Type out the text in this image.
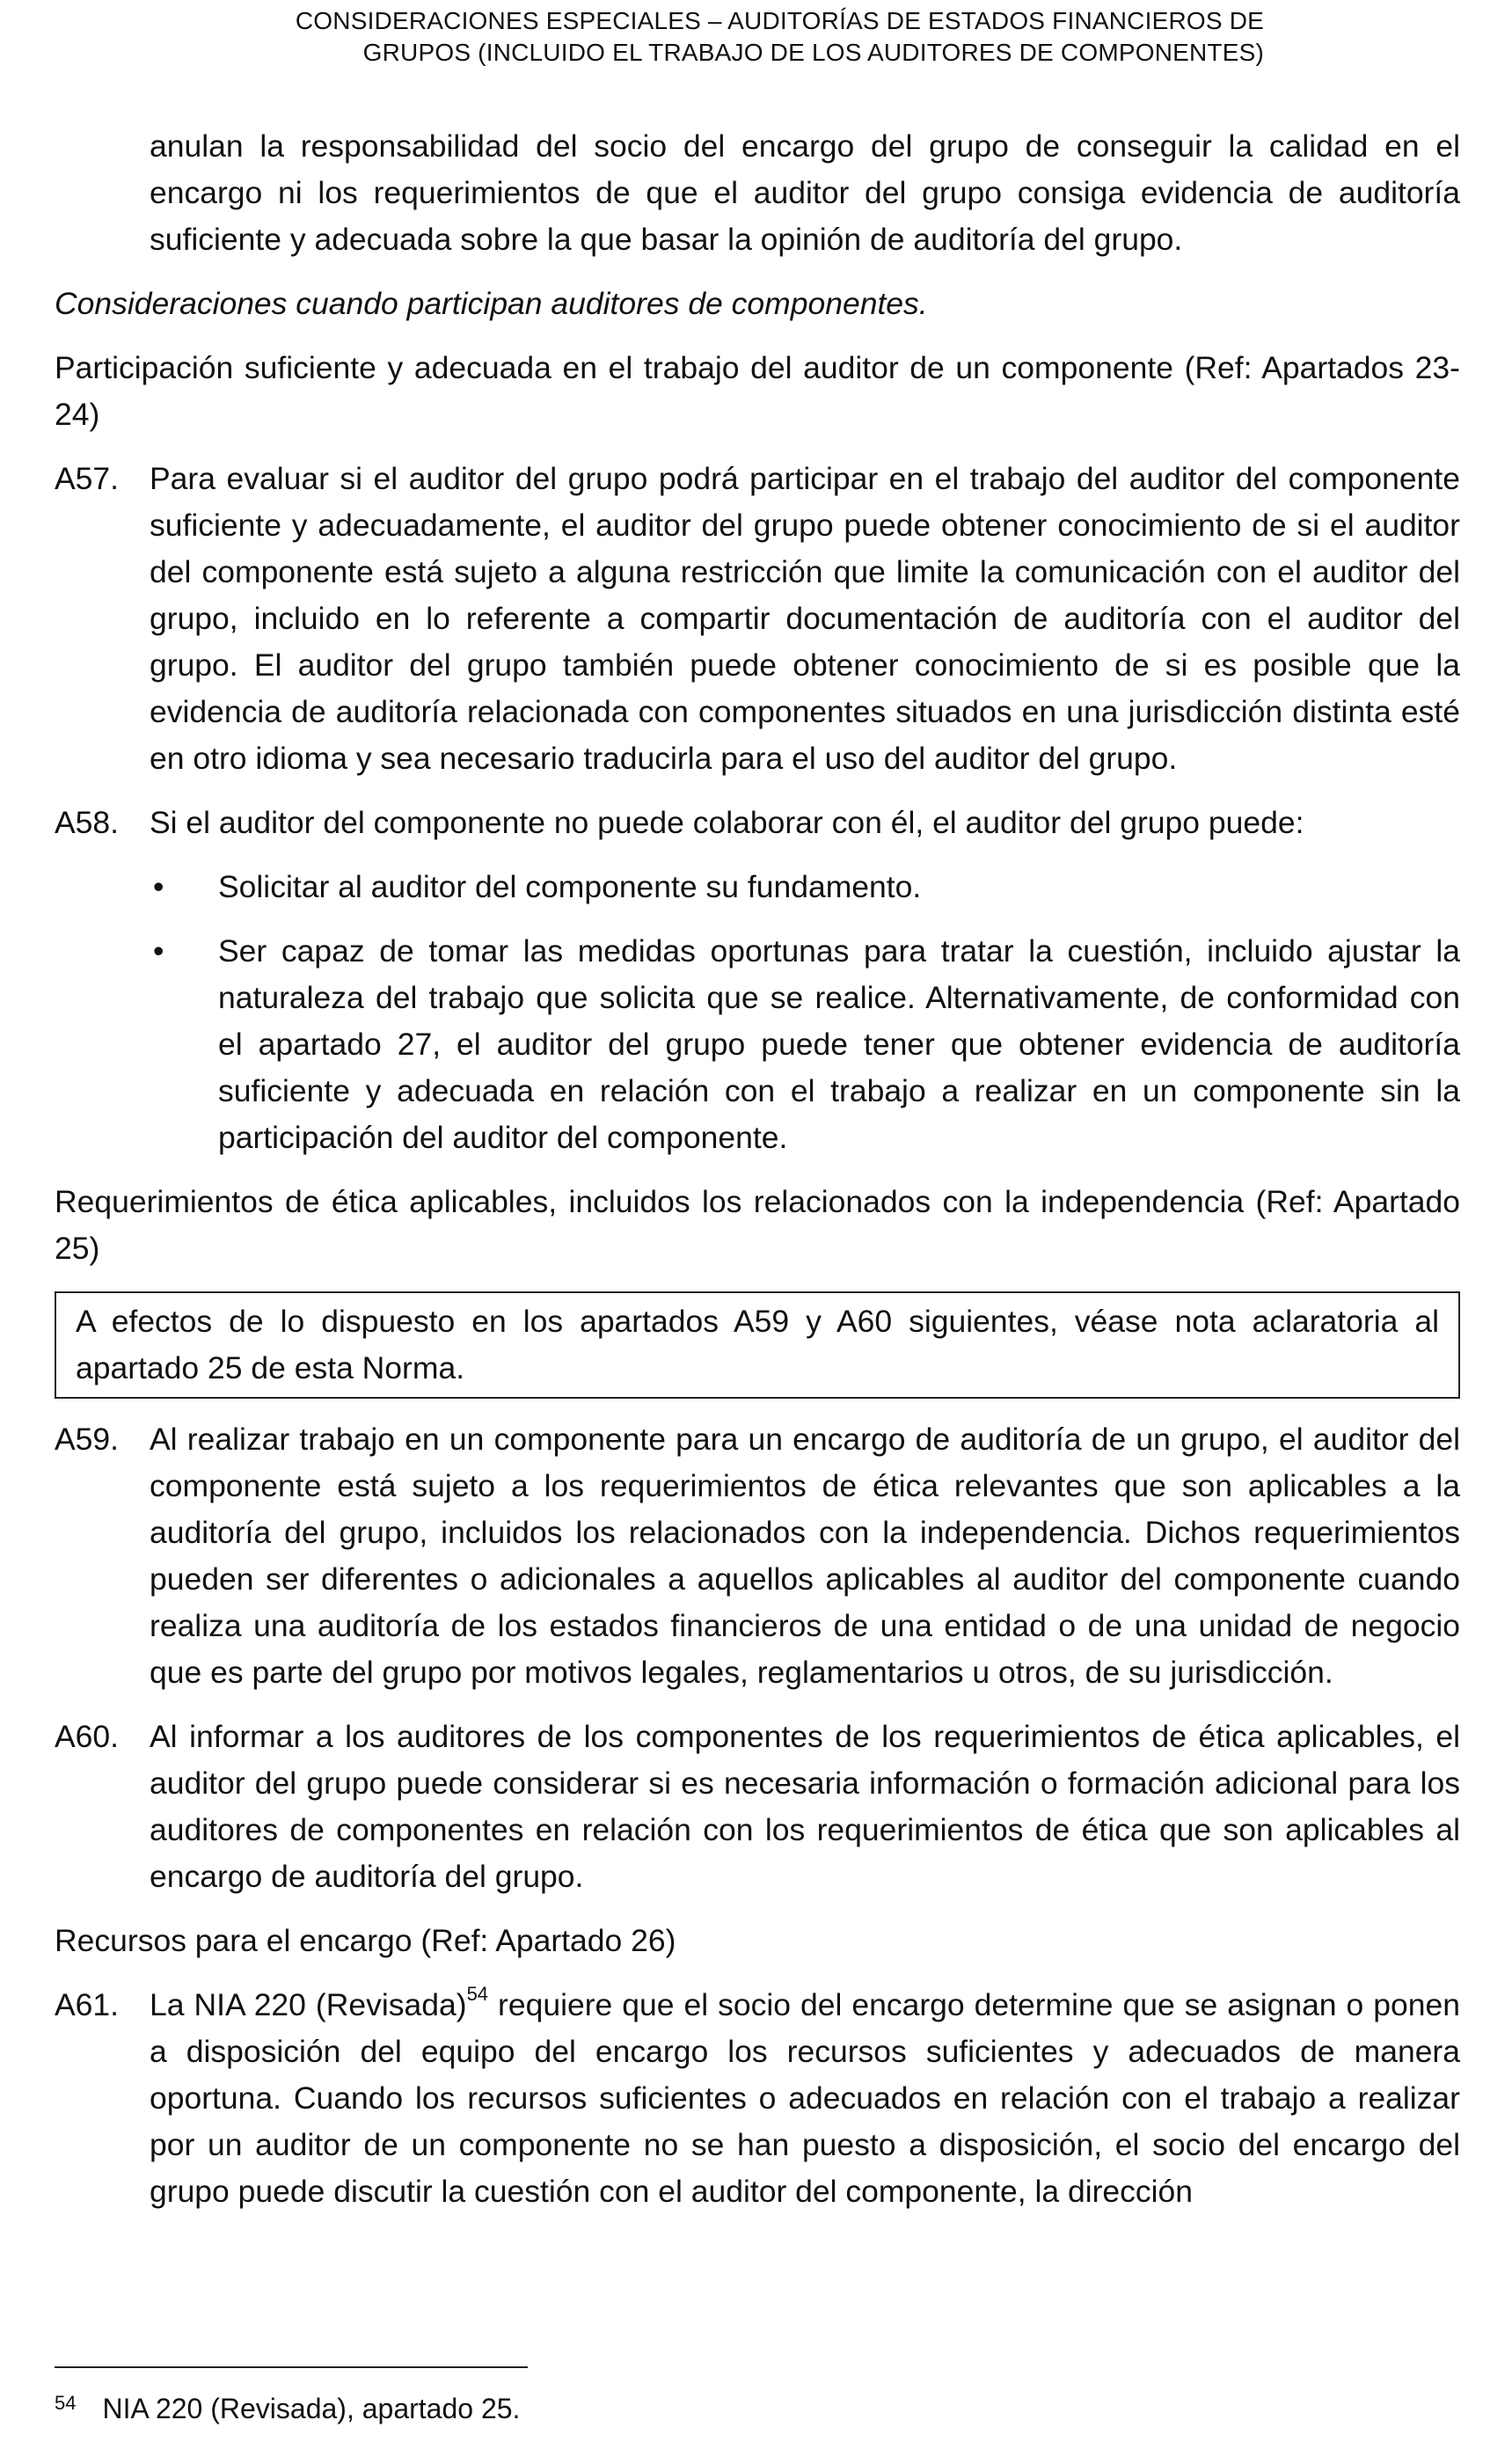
CONSIDERACIONES ESPECIALES – AUDITORÍAS DE ESTADOS FINANCIEROS DE
GRUPOS (INCLUIDO EL TRABAJO DE LOS AUDITORES DE COMPONENTES)
anulan la responsabilidad del socio del encargo del grupo de conseguir la calidad en el encargo ni los requerimientos de que el auditor del grupo consiga evidencia de auditoría suficiente y adecuada sobre la que basar la opinión de auditoría del grupo.
Consideraciones cuando participan auditores de componentes.
Participación suficiente y adecuada en el trabajo del auditor de un componente (Ref: Apartados 23-24)
A57. Para evaluar si el auditor del grupo podrá participar en el trabajo del auditor del componente suficiente y adecuadamente, el auditor del grupo puede obtener conocimiento de si el auditor del componente está sujeto a alguna restricción que limite la comunicación con el auditor del grupo, incluido en lo referente a compartir documentación de auditoría con el auditor del grupo. El auditor del grupo también puede obtener conocimiento de si es posible que la evidencia de auditoría relacionada con componentes situados en una jurisdicción distinta esté en otro idioma y sea necesario traducirla para el uso del auditor del grupo.
A58. Si el auditor del componente no puede colaborar con él, el auditor del grupo puede:
• Solicitar al auditor del componente su fundamento.
• Ser capaz de tomar las medidas oportunas para tratar la cuestión, incluido ajustar la naturaleza del trabajo que solicita que se realice. Alternativamente, de conformidad con el apartado 27, el auditor del grupo puede tener que obtener evidencia de auditoría suficiente y adecuada en relación con el trabajo a realizar en un componente sin la participación del auditor del componente.
Requerimientos de ética aplicables, incluidos los relacionados con la independencia (Ref: Apartado 25)
A efectos de lo dispuesto en los apartados A59 y A60 siguientes, véase nota aclaratoria al apartado 25 de esta Norma.
A59. Al realizar trabajo en un componente para un encargo de auditoría de un grupo, el auditor del componente está sujeto a los requerimientos de ética relevantes que son aplicables a la auditoría del grupo, incluidos los relacionados con la independencia. Dichos requerimientos pueden ser diferentes o adicionales a aquellos aplicables al auditor del componente cuando realiza una auditoría de los estados financieros de una entidad o de una unidad de negocio que es parte del grupo por motivos legales, reglamentarios u otros, de su jurisdicción.
A60. Al informar a los auditores de los componentes de los requerimientos de ética aplicables, el auditor del grupo puede considerar si es necesaria información o formación adicional para los auditores de componentes en relación con los requerimientos de ética que son aplicables al encargo de auditoría del grupo.
Recursos para el encargo (Ref: Apartado 26)
A61. La NIA 220 (Revisada)$^{54}$ requiere que el socio del encargo determine que se asignan o ponen a disposición del equipo del encargo los recursos suficientes y adecuados de manera oportuna. Cuando los recursos suficientes o adecuados en relación con el trabajo a realizar por un auditor de un componente no se han puesto a disposición, el socio del encargo del grupo puede discutir la cuestión con el auditor del componente, la dirección
$^{54}$ NIA 220 (Revisada), apartado 25.
